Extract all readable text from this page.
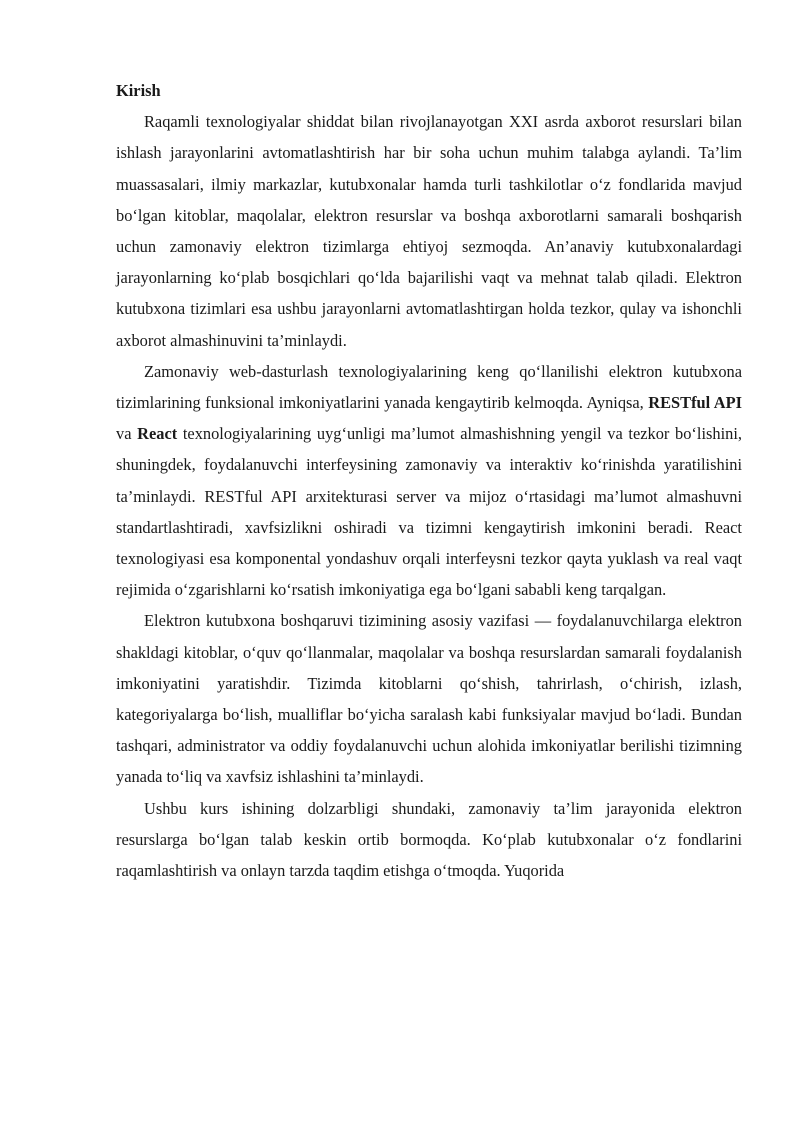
Kirish

Raqamli texnologiyalar shiddat bilan rivojlanayotgan XXI asrda axborot resurslari bilan ishlash jarayonlarini avtomatlashtirish har bir soha uchun muhim talabga aylandi. Ta’lim muassasalari, ilmiy markazlar, kutubxonalar hamda turli tashkilotlar o‘z fondlarida mavjud bo‘lgan kitoblar, maqolalar, elektron resurslar va boshqa axborotlarni samarali boshqarish uchun zamonaviy elektron tizimlarga ehtiyoj sezmoqda. An’anaviy kutubxonalardagi jarayonlarning ko‘plab bosqichlari qo‘lda bajarilishi vaqt va mehnat talab qiladi. Elektron kutubxona tizimlari esa ushbu jarayonlarni avtomatlashtirgan holda tezkor, qulay va ishonchli axborot almashinuvini ta’minlaydi.

Zamonaviy web-dasturlash texnologiyalarining keng qo‘llanilishi elektron kutubxona tizimlarining funksional imkoniyatlarini yanada kengaytirib kelmoqda. Ayniqsa, RESTful API va React texnologiyalarining uyg‘unligi ma’lumot almashishning yengil va tezkor bo‘lishini, shuningdek, foydalanuvchi interfeysining zamonaviy va interaktiv ko‘rinishda yaratilishini ta’minlaydi. RESTful API arxitekturasi server va mijoz o‘rtasidagi ma’lumot almashuvni standartlashtiradi, xavfsizlikni oshiradi va tizimni kengaytirish imkonini beradi. React texnologiyasi esa komponental yondashuv orqali interfeysni tezkor qayta yuklash va real vaqt rejimida o‘zgarishlarni ko‘rsatish imkoniyatiga ega bo‘lgani sababli keng tarqalgan.

Elektron kutubxona boshqaruvi tizimining asosiy vazifasi — foydalanuvchilarga elektron shakldagi kitoblar, o‘quv qo‘llanmalar, maqolalar va boshqa resurslardan samarali foydalanish imkoniyatini yaratishdir. Tizimda kitoblarni qo‘shish, tahrirlash, o‘chirish, izlash, kategoriyalarga bo‘lish, mualliflar bo‘yicha saralash kabi funksiyalar mavjud bo‘ladi. Bundan tashqari, administrator va oddiy foydalanuvchi uchun alohida imkoniyatlar berilishi tizimning yanada to‘liq va xavfsiz ishlashini ta’minlaydi.

Ushbu kurs ishining dolzarbligi shundaki, zamonaviy ta’lim jarayonida elektron resurslarga bo‘lgan talab keskin ortib bormoqda. Ko‘plab kutubxonalar o‘z fondlarini raqamlashtirish va onlayn tarzda taqdim etishga o‘tmoqda. Yuqorida
